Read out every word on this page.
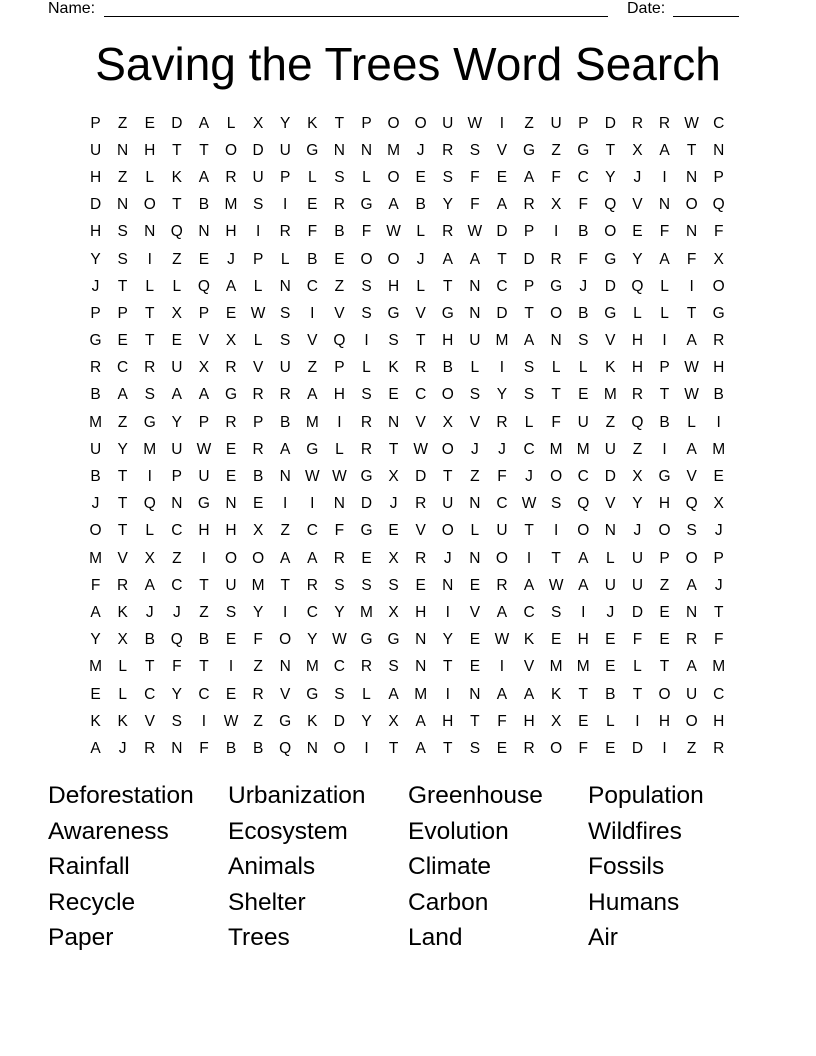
Name:	Date:
Saving the Trees Word Search
P	Z	E	D	A	L	X	Y	K	T	P	O O U W	I	Z	U	P	D	R	R W C
U	N	H	T	T	O D	U G N	N M	J	R	S	V	G	Z	G	T	X	A	T	N
H	Z	L	K	A	R	U	P	L	S	L	O	E	S	F	E	A	F	C	Y	J	I	N	P
D	N O	T	B M S	I	E	R G	A	B	Y	F	A	R	X	F	Q	V	N O Q
H	S	N Q N	H	I	R	F	B	F W L	R W D	P	I	B	O	E	F	N	F
Y	S	I	Z	E	J	P	L	B	E	O O	J	A	A	T	D	R	F	G	Y	A	F	X
J	T	L	L	Q	A	L	N	C	Z	S	H	L	T	N	C	P	G	J	D Q	L	I	O
P	P	T	X	P	E W S	I	V	S	G	V	G N	D	T	O	B	G	L	L	T	G
G	E	T	E	V	X	L	S	V	Q	I	S	T	H	U M A	N	S	V	H	I	A	R
R	C	R	U	X	R	V	U	Z	P	L	K	R	B	L	I	S	L	L	K	H	P W H
B	A	S	A	A	G R	R	A	H	S	E	C O	S	Y	S	T	E M R	T W B
M	Z	G	Y	P	R	P	B M	I	R	N	V	X	V	R	L	F	U	Z	Q	B	L	I
U	Y M U W E	R	A	G	L	R	T W O	J	J	C M M U	Z	I	A M
B	T	I	P	U	E	B	N W W G	X	D	T	Z	F	J	O C	D	X	G	V	E
J	T	Q N G N	E	I	I	N	D	J	R	U	N	C W S	Q	V	Y	H Q	X
O	T	L	C	H	H	X	Z	C	F	G	E	V	O	L	U	T	I	O N	J	O	S	J
M V	X	Z	I	O O	A	A	R	E	X	R	J	N O	I	T	A	L	U	P	O	P
F	R	A	C	T	U M	T	R	S	S	S	E	N	E	R	A W A	U	U	Z	A	J
A	K	J	J	Z	S	Y	I	C	Y M X	H	I	V	A	C	S	I	J	D	E	N	T
Y	X	B	Q	B	E	F	O	Y W G G N	Y	E W K	E	H	E	F	E	R	F
M	L	T	F	T	I	Z	N M C	R	S	N	T	E	I	V M M E	L	T	A M
E	L	C	Y	C	E	R	V	G	S	L	A M	I	N	A	A	K	T	B	T	O U	C
K	K	V	S	I	W Z	G	K	D	Y	X	A	H	T	F	H	X	E	L	I	H O H
A	J	R	N	F	B	B	Q N O	I	T	A	T	S	E	R O	F	E	D	I	Z	R
Deforestation	Urbanization	Greenhouse	Population
Awareness	Ecosystem	Evolution	Wildfires
Rainfall	Animals	Climate	Fossils
Recycle	Shelter	Carbon	Humans
Paper	Trees	Land	Air
